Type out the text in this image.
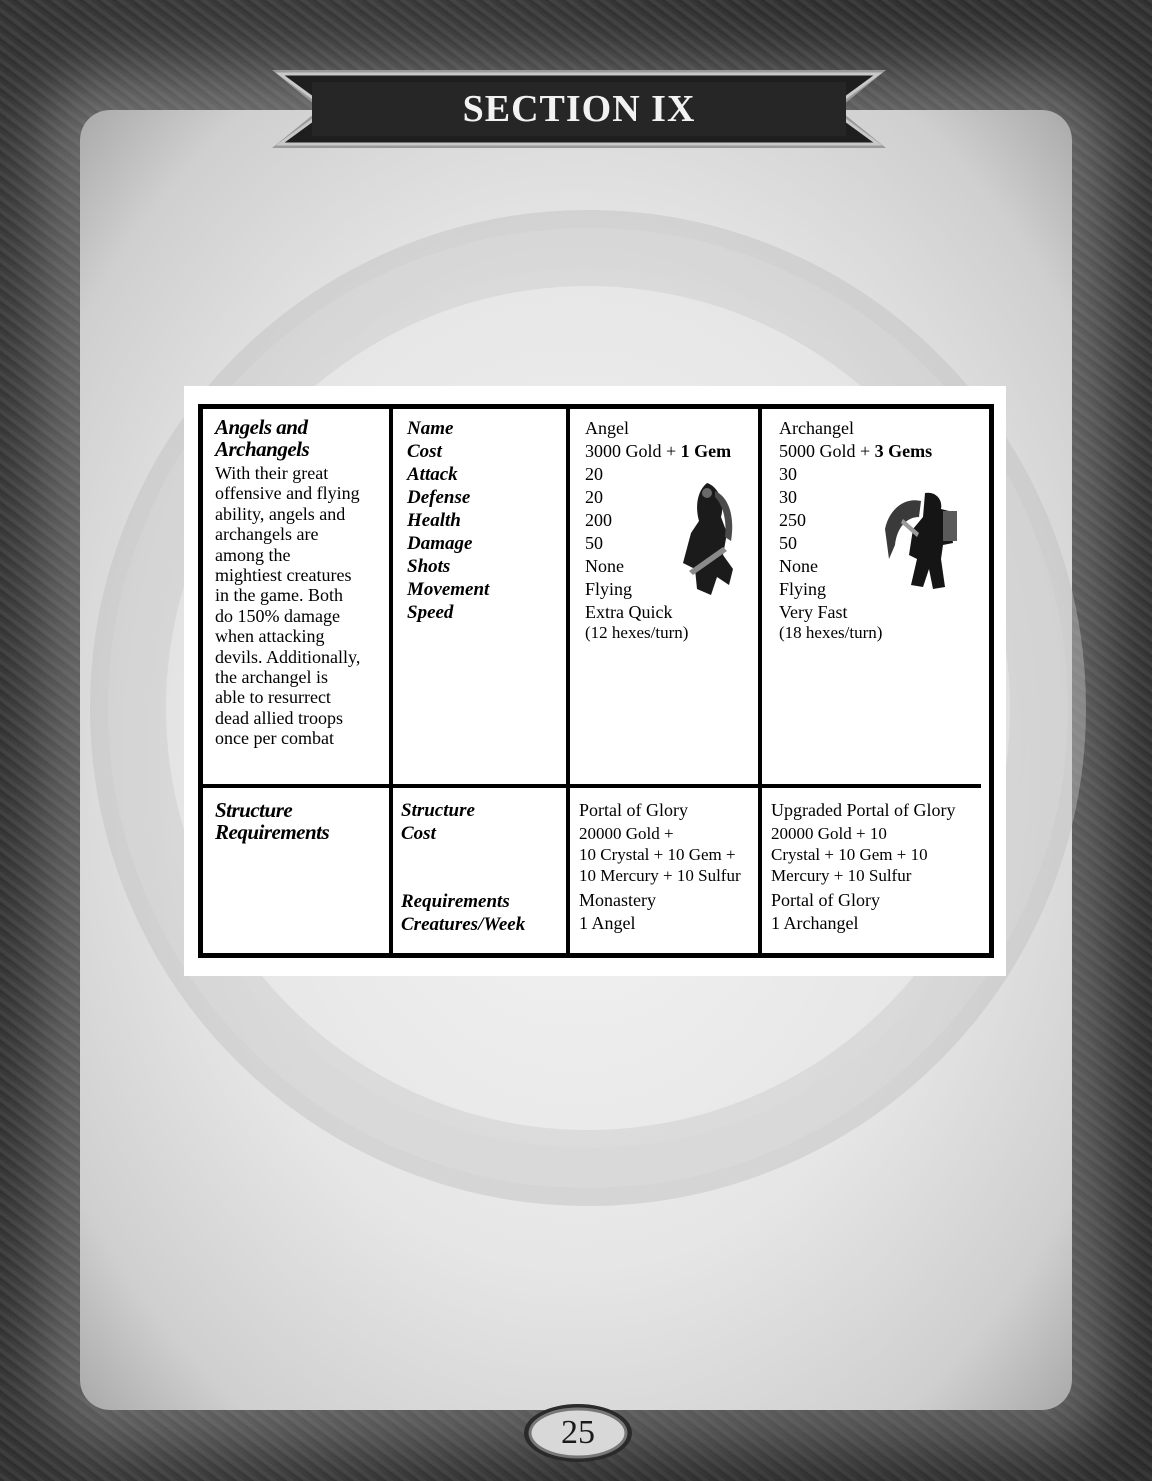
SECTION IX
Angels and
Archangels
With their great
offensive and flying
ability, angels and
archangels are
among the
mightiest creatures
in the game. Both
do 150% damage
when attacking
devils. Additionally,
the archangel is
able to resurrect
dead allied troops
once per combat
Name
Cost
Attack
Defense
Health
Damage
Shots
Movement
Speed
Angel
3000 Gold + 1 Gem
20
20
200
50
None
Flying
Extra Quick
(12 hexes/turn)
Archangel
5000 Gold + 3 Gems
30
30
250
50
None
Flying
Very Fast
(18 hexes/turn)
Structure
Requirements
Structure
Cost
Requirements
Creatures/Week
Portal of Glory
20000 Gold +
10 Crystal + 10 Gem +
10 Mercury + 10 Sulfur
Monastery
1 Angel
Upgraded Portal of Glory
20000 Gold + 10
Crystal + 10 Gem + 10
Mercury + 10 Sulfur
Portal of Glory
1 Archangel
25
